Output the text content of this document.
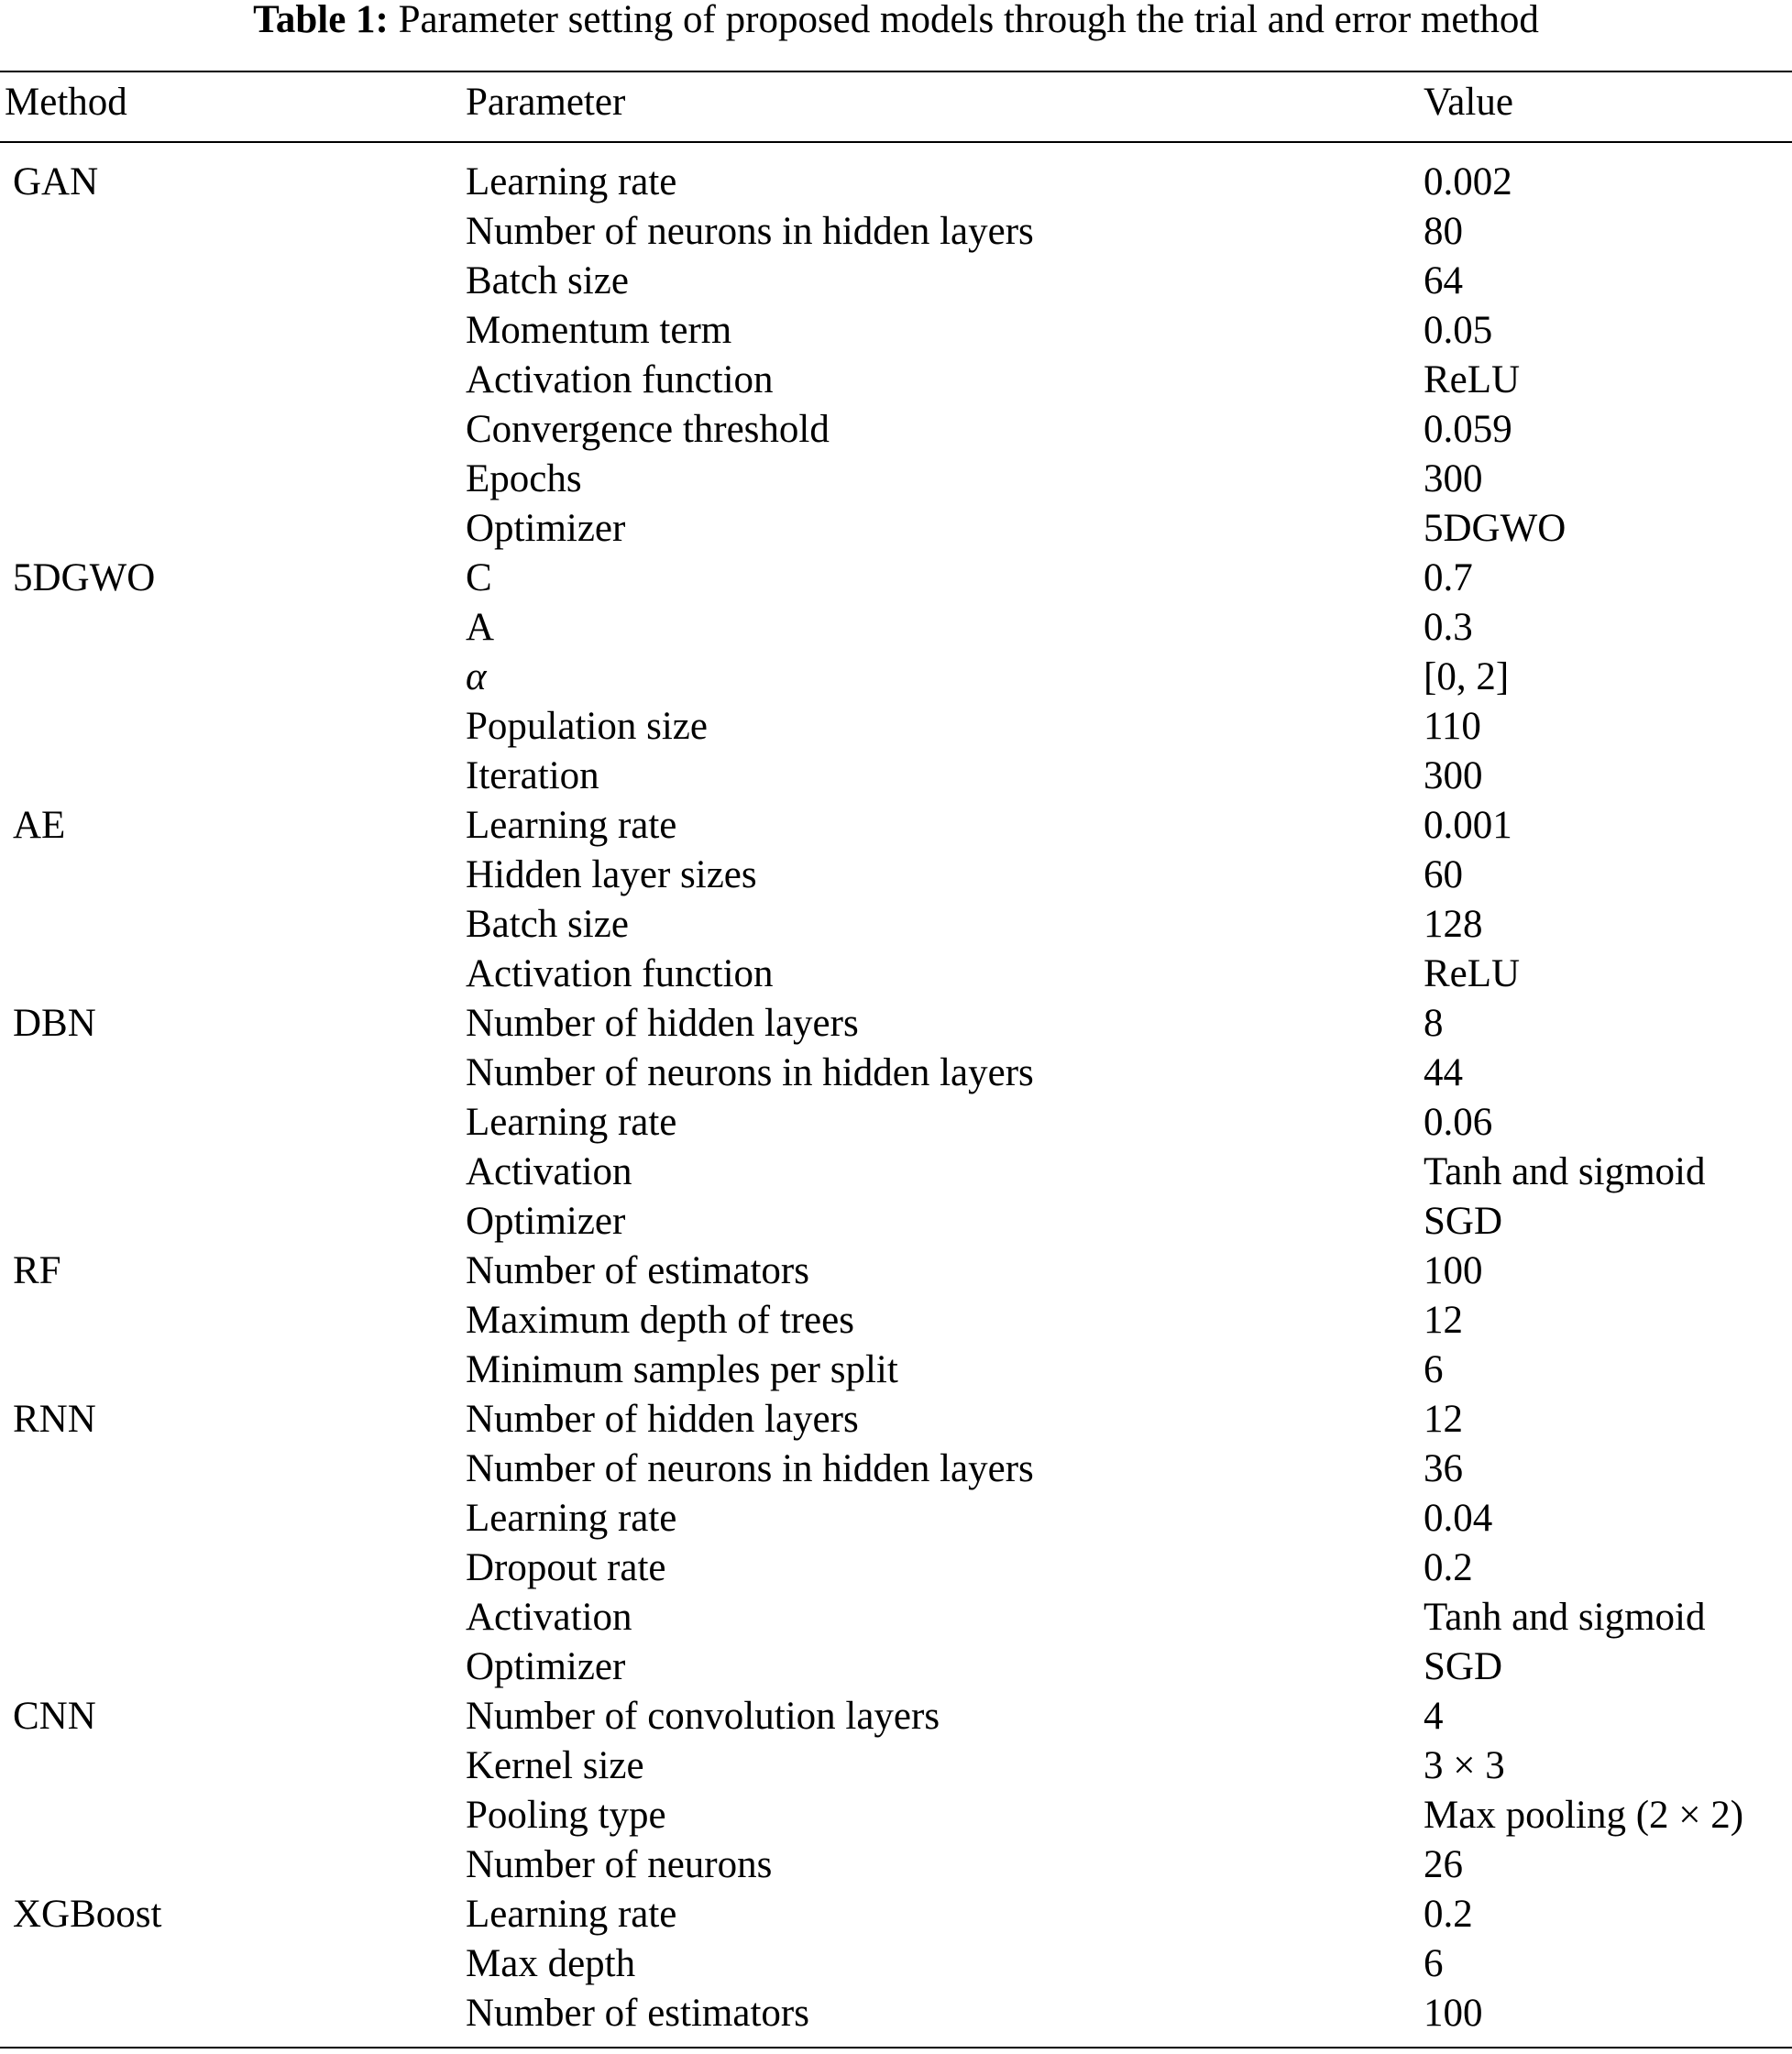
Table 1: Parameter setting of proposed models through the trial and error method
Method	Parameter	Value
GAN	Learning rate	0.002
Number of neurons in hidden layers	80
Batch size	64
Momentum term	0.05
Activation function	ReLU
Convergence threshold	0.059
Epochs	300
Optimizer	5DGWO
5DGWO	C	0.7
A	0.3
α	[0, 2]
Population size	110
Iteration	300
AE	Learning rate	0.001
Hidden layer sizes	60
Batch size	128
Activation function	ReLU
DBN	Number of hidden layers	8
Number of neurons in hidden layers	44
Learning rate	0.06
Activation	Tanh and sigmoid
Optimizer	SGD
RF	Number of estimators	100
Maximum depth of trees	12
Minimum samples per split	6
RNN	Number of hidden layers	12
Number of neurons in hidden layers	36
Learning rate	0.04
Dropout rate	0.2
Activation	Tanh and sigmoid
Optimizer	SGD
CNN	Number of convolution layers	4
Kernel size	3 × 3
Pooling type	Max pooling (2 × 2)
Number of neurons	26
XGBoost	Learning rate	0.2
Max depth	6
Number of estimators	100
